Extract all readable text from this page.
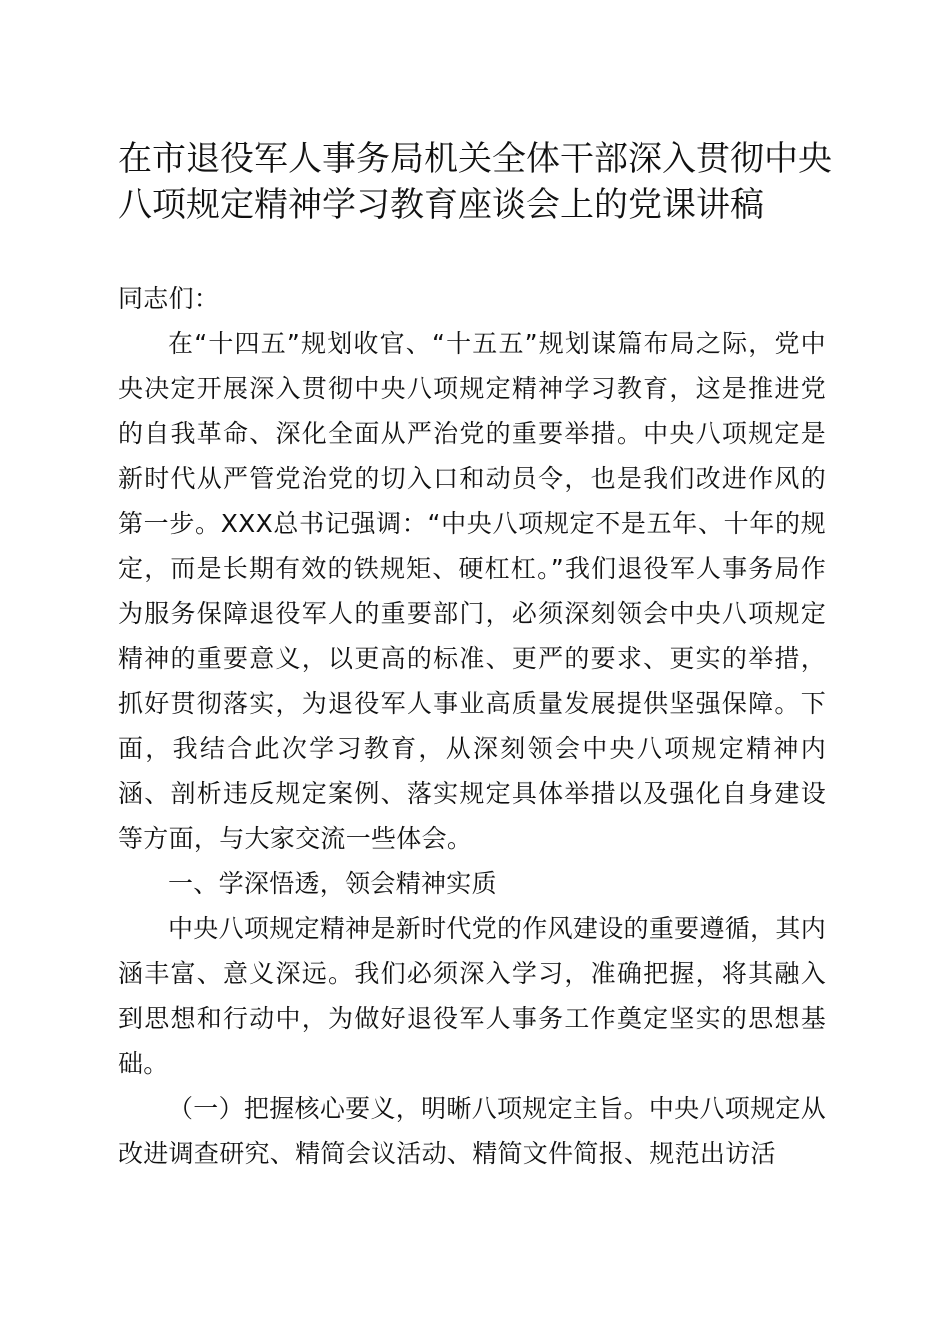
在市退役军人事务局机关全体干部深入贯彻中央八项规定精神学习教育座谈会上的党课讲稿

同志们：

在“十四五”规划收官、“十五五”规划谋篇布局之际，党中央决定开展深入贯彻中央八项规定精神学习教育，这是推进党的自我革命、深化全面从严治党的重要举措。中央八项规定是新时代从严管党治党的切入口和动员令，也是我们改进作风的第一步。XXX总书记强调：“中央八项规定不是五年、十年的规定，而是长期有效的铁规矩、硬杠杠。”我们退役军人事务局作为服务保障退役军人的重要部门，必须深刻领会中央八项规定精神的重要意义，以更高的标准、更严的要求、更实的举措，抓好贯彻落实，为退役军人事业高质量发展提供坚强保障。下面，我结合此次学习教育，从深刻领会中央八项规定精神内涵、剖析违反规定案例、落实规定具体举措以及强化自身建设等方面，与大家交流一些体会。

一、学深悟透，领会精神实质

中央八项规定精神是新时代党的作风建设的重要遵循，其内涵丰富、意义深远。我们必须深入学习，准确把握，将其融入到思想和行动中，为做好退役军人事务工作奠定坚实的思想基础。

（一）把握核心要义，明晰八项规定主旨。中央八项规定从改进调查研究、精简会议活动、精简文件简报、规范出访活
